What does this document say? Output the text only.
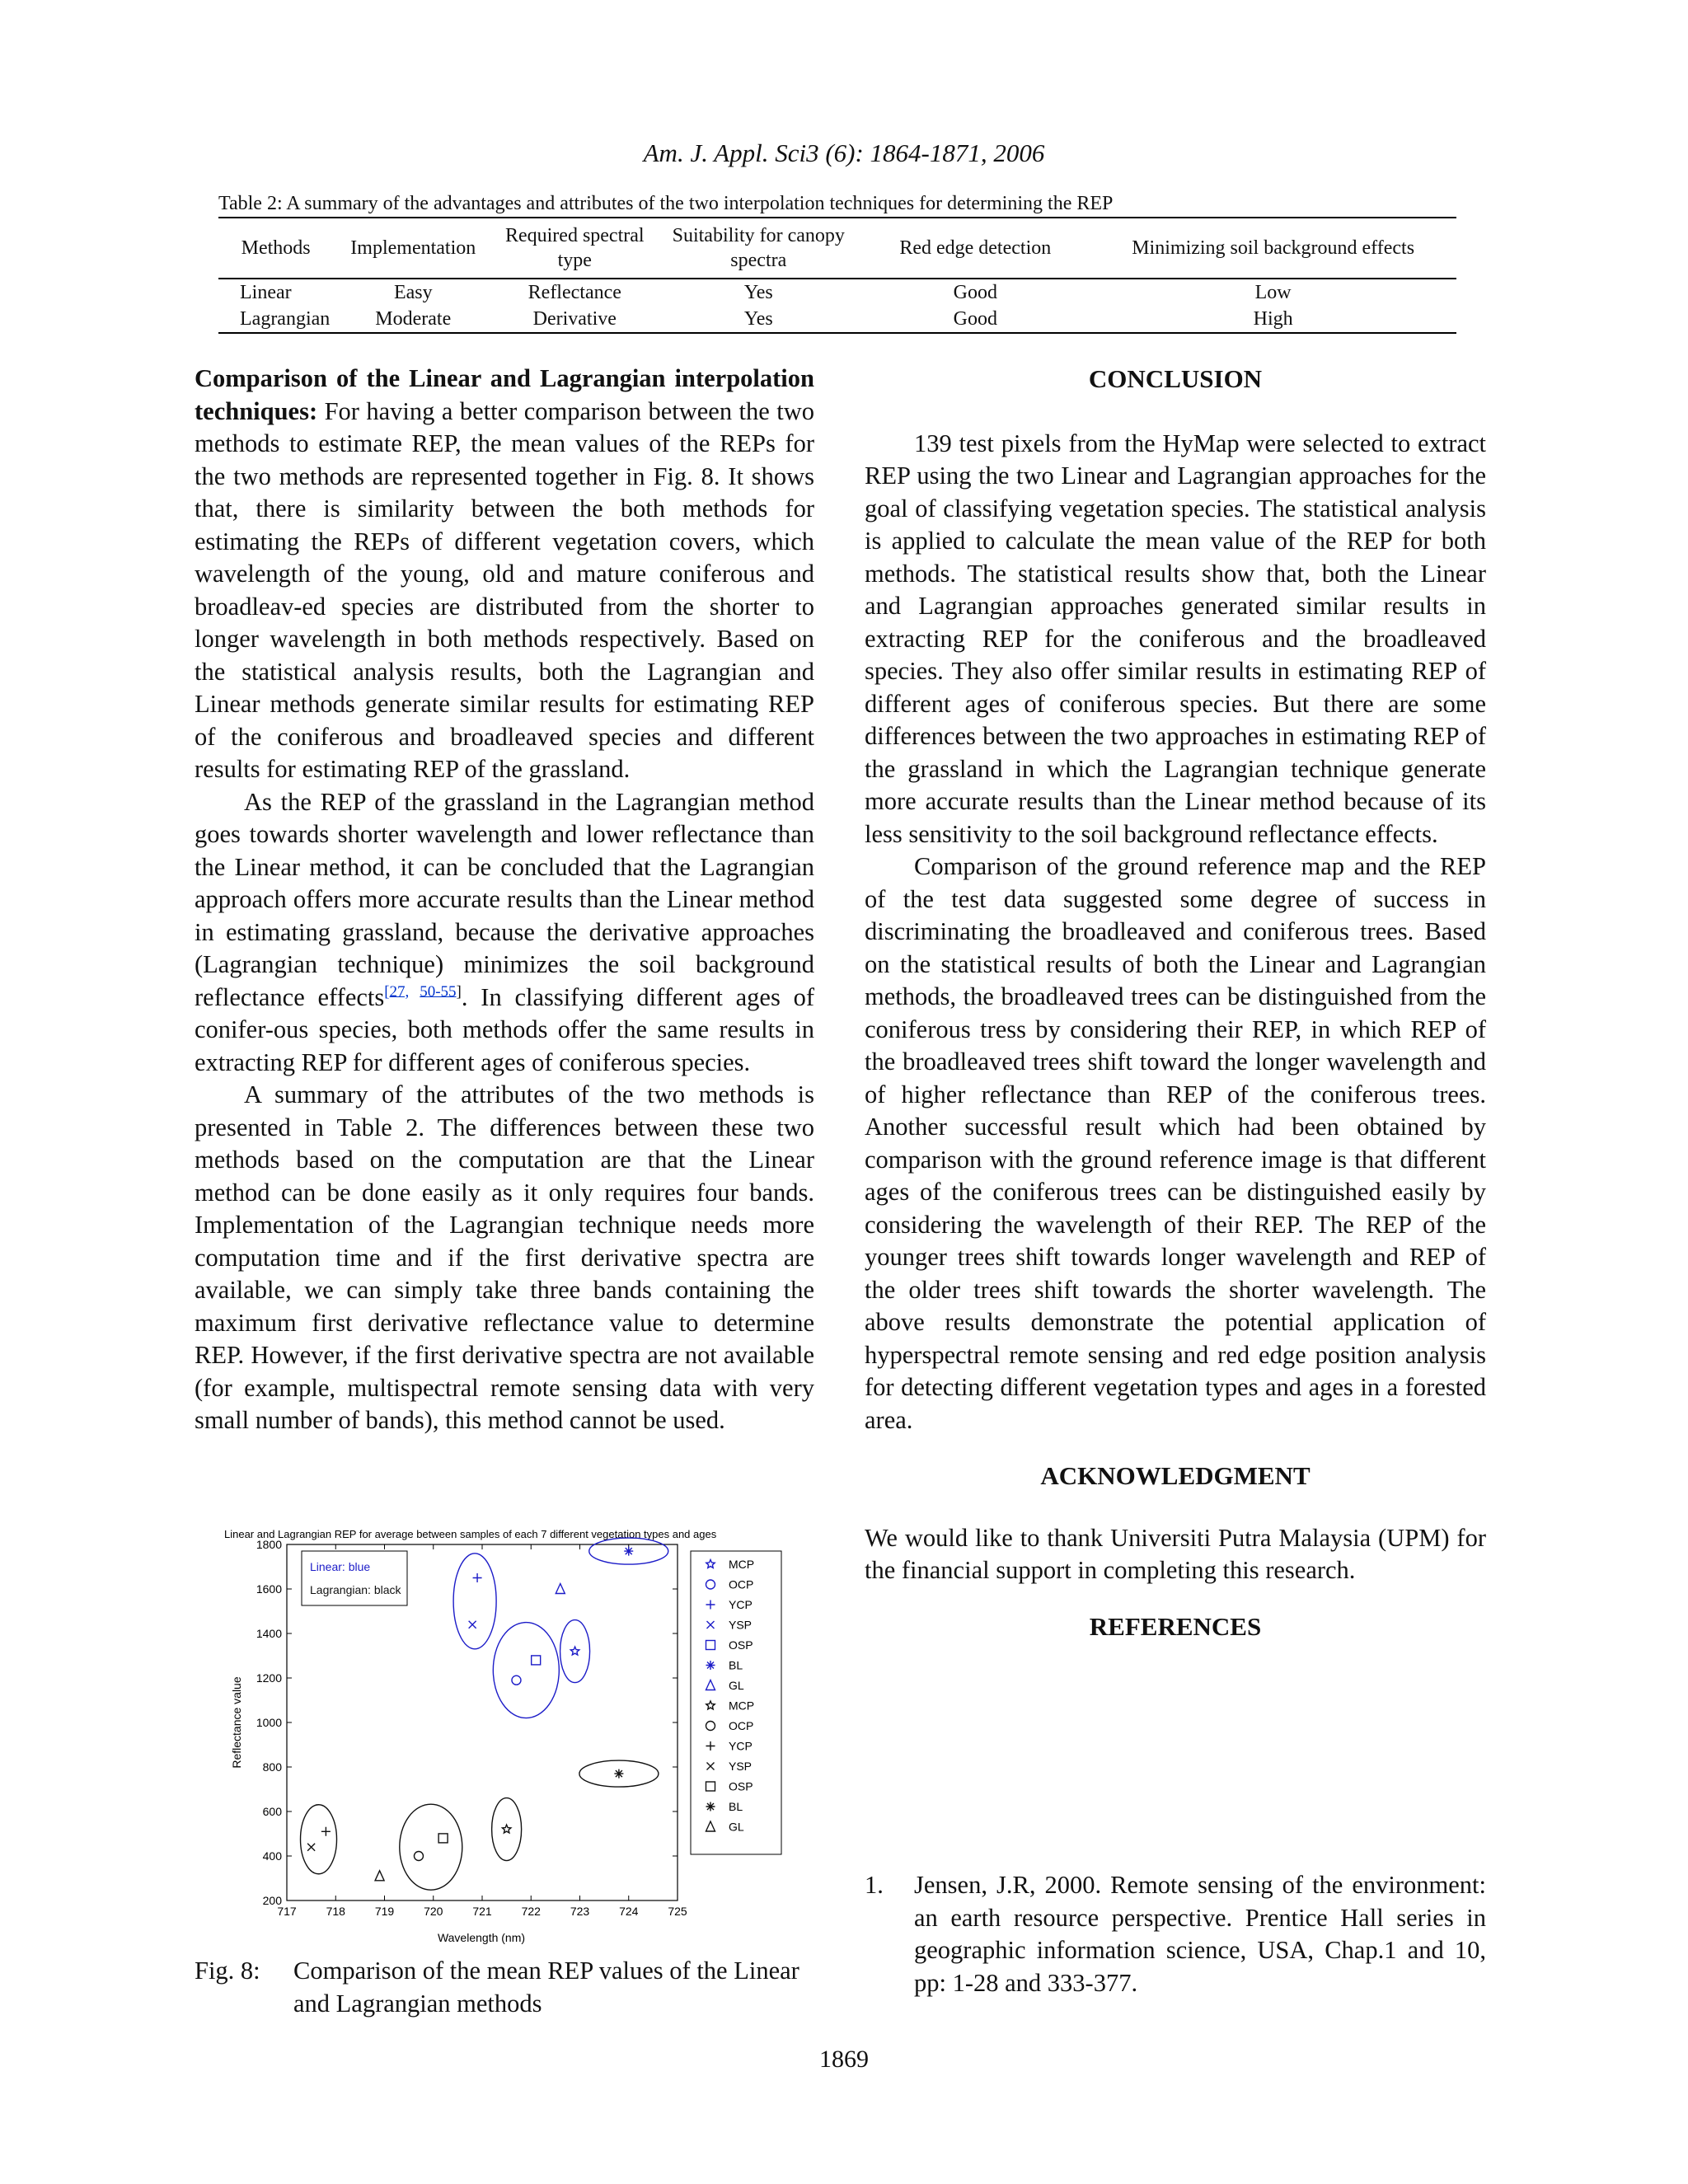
Am. J. Appl. Sci3 (6): 1864-1871, 2006
Table 2: A summary of the advantages and attributes of the two interpolation techniques for determining the REP
Methods	Implementation	Required spectral type	Suitability for canopy spectra	Red edge detection	Minimizing soil background effects
Linear	Easy	Reflectance	Yes	Good	Low
Lagrangian	Moderate	Derivative	Yes	Good	High

Comparison of the Linear and Lagrangian interpolation techniques: For having a better comparison between the two methods to estimate REP, the mean values of the REPs for the two methods are represented together in Fig. 8. It shows that, there is similarity between the both methods for estimating the REPs of different vegetation covers, which wavelength of the young, old and mature coniferous and broadleav-ed species are distributed from the shorter to longer wavelength in both methods respectively. Based on the statistical analysis results, both the Lagrangian and Linear methods generate similar results for estimating REP of the coniferous and broadleaved species and different results for estimating REP of the grassland.

As the REP of the grassland in the Lagrangian method goes towards shorter wavelength and lower reflectance than the Linear method, it can be concluded that the Lagrangian approach offers more accurate results than the Linear method in estimating grassland, because the derivative approaches (Lagrangian technique) minimizes the soil background reflectance effects[27, 50-55]. In classifying different ages of conifer-ous species, both methods offer the same results in extracting REP for different ages of coniferous species.

A summary of the attributes of the two methods is presented in Table 2. The differences between these two methods based on the computation are that the Linear method can be done easily as it only requires four bands. Implementation of the Lagrangian technique needs more computation time and if the first derivative spectra are available, we can simply take three bands containing the maximum first derivative reflectance value to determine REP. However, if the first derivative spectra are not available (for example, multispectral remote sensing data with very small number of bands), this method cannot be used.

Linear and Lagrangian REP for average between samples of each 7 different vegetation types and ages
200
400
600
800
1000
1200
1400
1600
1800
717	718	719	720	721	722	723	724	725
Wavelength (nm)
Reflectance value
Linear: blue
Lagrangian: black
MCP
OCP
YCP
YSP
OSP
BL
GL
MCP
OCP
YCP
YSP
OSP
BL
GL
Fig. 8: Comparison of the mean REP values of the Linear and Lagrangian methods
CONCLUSION

139 test pixels from the HyMap were selected to extract REP using the two Linear and Lagrangian approaches for the goal of classifying vegetation species. The statistical analysis is applied to calculate the mean value of the REP for both methods. The statistical results show that, both the Linear and Lagrangian approaches generated similar results in extracting REP for the coniferous and the broadleaved species. They also offer similar results in estimating REP of different ages of coniferous species. But there are some differences between the two approaches in estimating REP of the grassland in which the Lagrangian technique generate more accurate results than the Linear method because of its less sensitivity to the soil background reflectance effects.

Comparison of the ground reference map and the REP of the test data suggested some degree of success in discriminating the broadleaved and coniferous trees. Based on the statistical results of both the Linear and Lagrangian methods, the broadleaved trees can be distinguished from the coniferous tress by considering their REP, in which REP of the broadleaved trees shift toward the longer wavelength and of higher reflectance than REP of the coniferous trees. Another successful result which had been obtained by comparison with the ground reference image is that different ages of the coniferous trees can be distinguished easily by considering the wavelength of their REP. The REP of the younger trees shift towards longer wavelength and REP of the older trees shift towards the shorter wavelength. The above results demonstrate the potential application of hyperspectral remote sensing and red edge position analysis for detecting different vegetation types and ages in a forested area.

ACKNOWLEDGMENT

We would like to thank Universiti Putra Malaysia (UPM) for the financial support in completing this research.

REFERENCES
1. Jensen, J.R, 2000. Remote sensing of the environment: an earth resource perspective. Prentice Hall series in geographic information science, USA, Chap.1 and 10, pp: 1-28 and 333-377.
1869
